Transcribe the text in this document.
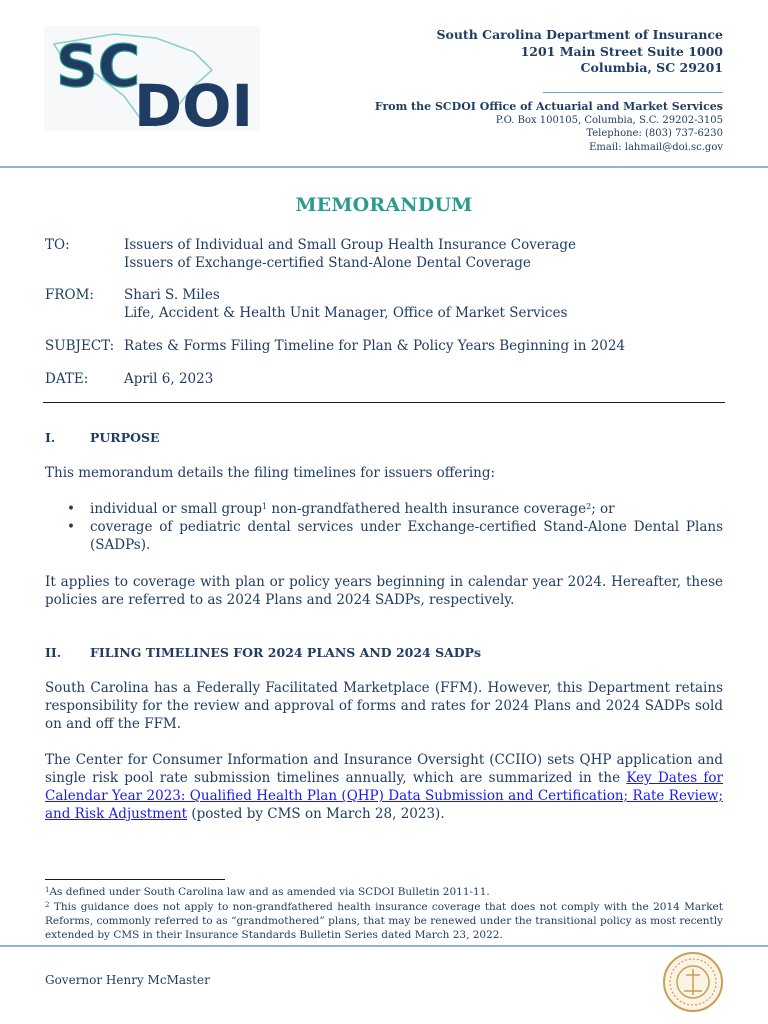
SC
DOI
South Carolina Department of Insurance
1201 Main Street Suite 1000
Columbia, SC 29201
From the SCDOI Office of Actuarial and Market Services
P.O. Box 100105, Columbia, S.C. 29202-3105
Telephone: (803) 737-6230
Email: lahmail@doi.sc.gov
MEMORANDUM
TO:	Issuers of Individual and Small Group Health Insurance Coverage
Issuers of Exchange-certified Stand-Alone Dental Coverage
FROM: Shari S. Miles
Life, Accident & Health Unit Manager, Office of Market Services
SUBJECT: Rates & Forms Filing Timeline for Plan & Policy Years Beginning in 2024
DATE:	April 6, 2023
I.	PURPOSE
This memorandum details the filing timelines for issuers offering:
• individual or small group$^1$ non-grandfathered health insurance coverage$^2$; or
• coverage of pediatric dental services under Exchange-certified Stand-Alone Dental Plans (SADPs).
It applies to coverage with plan or policy years beginning in calendar year 2024. Hereafter, these policies are referred to as 2024 Plans and 2024 SADPs, respectively.
II. FILING TIMELINES FOR 2024 PLANS AND 2024 SADPs
South Carolina has a Federally Facilitated Marketplace (FFM). However, this Department retains responsibility for the review and approval of forms and rates for 2024 Plans and 2024 SADPs sold on and off the FFM.
The Center for Consumer Information and Insurance Oversight (CCIIO) sets QHP application and single risk pool rate submission timelines annually, which are summarized in the Key Dates for Calendar Year 2023: Qualified Health Plan (QHP) Data Submission and Certification; Rate Review; and Risk Adjustment (posted by CMS on March 28, 2023).
$^1$As defined under South Carolina law and as amended via SCDOI Bulletin 2011-11.
$^2$ This guidance does not apply to non-grandfathered health insurance coverage that does not comply with the 2014 Market Reforms, commonly referred to as “grandmothered” plans, that may be renewed under the transitional policy as most recently extended by CMS in their Insurance Standards Bulletin Series dated March 23, 2022.
Governor Henry McMaster
